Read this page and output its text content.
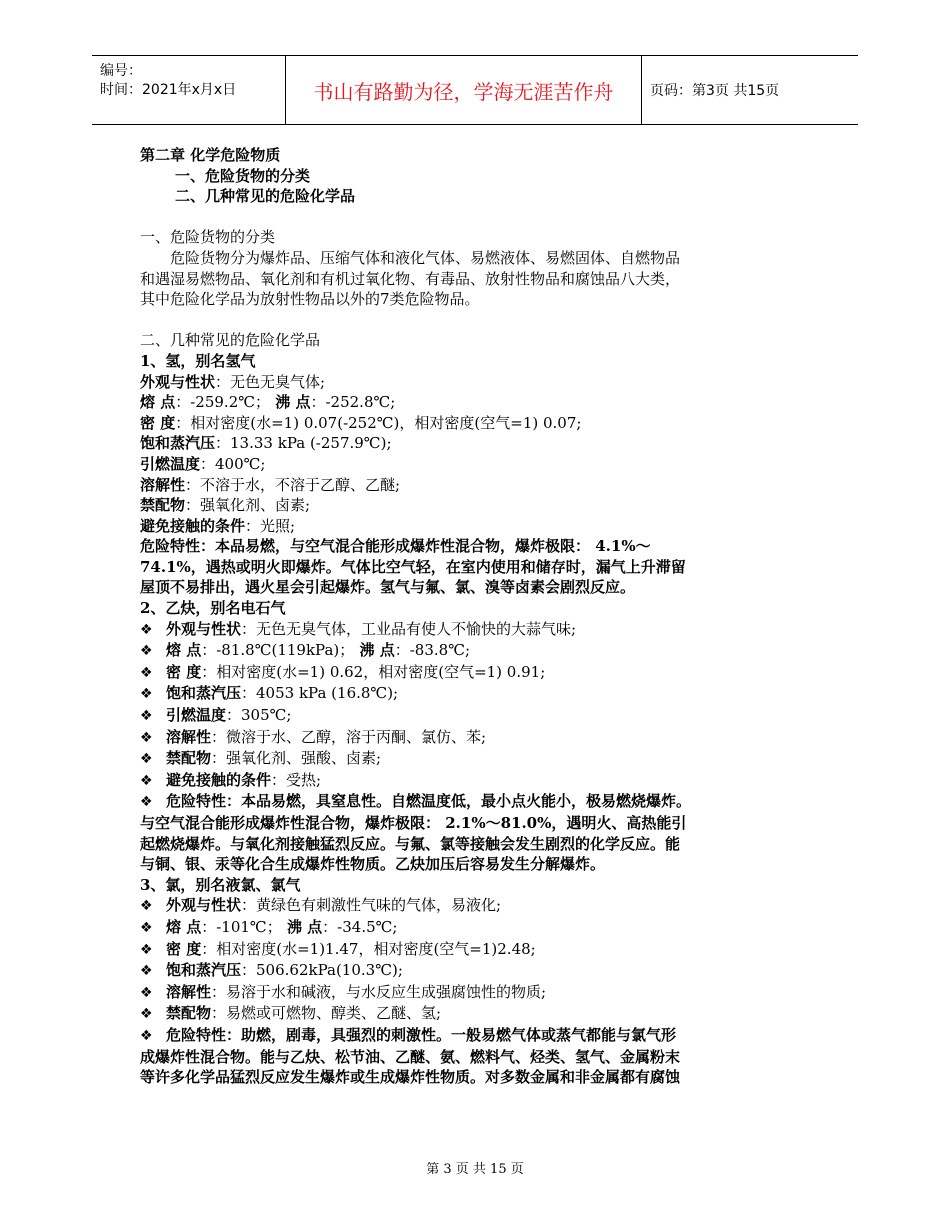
编号：
时间：2021年x月x日	书山有路勤为径，学海无涯苦作舟	页码：第3页 共15页
第二章 化学危险物质
一、危险货物的分类
二、几种常见的危险化学品
一、危险货物的分类
危险货物分为爆炸品、压缩气体和液化气体、易燃液体、易燃固体、自燃物品
和遇湿易燃物品、氧化剂和有机过氧化物、有毒品、放射性物品和腐蚀品八大类，
其中危险化学品为放射性物品以外的7类危险物品。
二、几种常见的危险化学品
1、氢，别名氢气
外观与性状：无色无臭气体;
熔 点：-259.2℃； 沸 点：-252.8℃;
密 度：相对密度(水=1) 0.07(-252℃)，相对密度(空气=1) 0.07;
饱和蒸汽压：13.33 kPa (-257.9℃);
引燃温度：400℃;
溶解性：不溶于水，不溶于乙醇、乙醚;
禁配物：强氧化剂、卤素;
避免接触的条件：光照;
危险特性：本品易燃，与空气混合能形成爆炸性混合物，爆炸极限： 4.1%～
74.1%，遇热或明火即爆炸。气体比空气轻，在室内使用和储存时，漏气上升滞留
屋顶不易排出，遇火星会引起爆炸。氢气与氟、氯、溴等卤素会剧烈反应。
2、乙炔，别名电石气
❖ 外观与性状：无色无臭气体，工业品有使人不愉快的大蒜气味;
❖ 熔 点：-81.8℃(119kPa)； 沸 点：-83.8℃;
❖ 密 度：相对密度(水=1) 0.62，相对密度(空气=1) 0.91;
❖ 饱和蒸汽压：4053 kPa (16.8℃);
❖ 引燃温度：305℃;
❖ 溶解性：微溶于水、乙醇，溶于丙酮、氯仿、苯;
❖ 禁配物：强氧化剂、强酸、卤素;
❖ 避免接触的条件：受热;
❖ 危险特性：本品易燃，具窒息性。自燃温度低，最小点火能小，极易燃烧爆炸。
与空气混合能形成爆炸性混合物，爆炸极限： 2.1%～81.0%，遇明火、高热能引
起燃烧爆炸。与氧化剂接触猛烈反应。与氟、氯等接触会发生剧烈的化学反应。能
与铜、银、汞等化合生成爆炸性物质。乙炔加压后容易发生分解爆炸。
3、氯，别名液氯、氯气
❖ 外观与性状：黄绿色有刺激性气味的气体，易液化;
❖ 熔 点：-101℃； 沸 点：-34.5℃;
❖ 密 度：相对密度(水=1)1.47，相对密度(空气=1)2.48;
❖ 饱和蒸汽压：506.62kPa(10.3℃);
❖ 溶解性：易溶于水和碱液，与水反应生成强腐蚀性的物质;
❖ 禁配物：易燃或可燃物、醇类、乙醚、氢;
❖ 危险特性：助燃，剧毒，具强烈的刺激性。一般易燃气体或蒸气都能与氯气形
成爆炸性混合物。能与乙炔、松节油、乙醚、氨、燃料气、烃类、氢气、金属粉末
等许多化学品猛烈反应发生爆炸或生成爆炸性物质。对多数金属和非金属都有腐蚀
第 3 页 共 15 页
